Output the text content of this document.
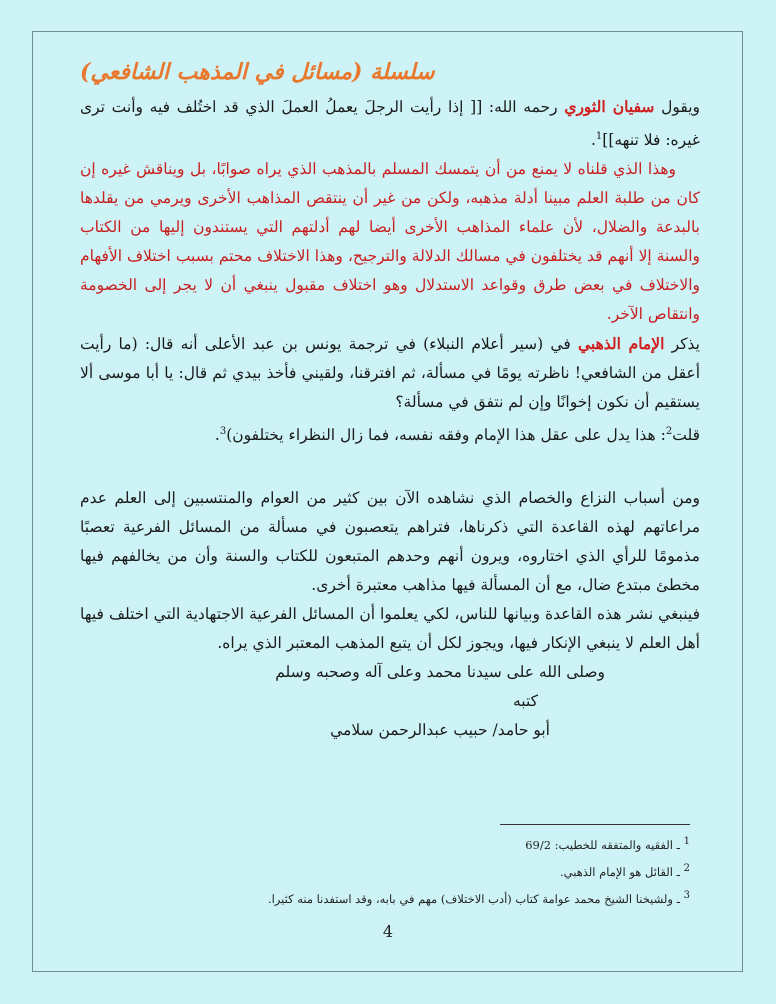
سلسلة (مسائل في المذهب الشافعي)

ويقول سفيان الثوري رحمه الله: [[ إذا رأيت الرجلَ يعملُ العملَ الذي قد اختُلف فيه وأنت ترى غيره: فلا تنهه]]$^1$.

وهذا الذي قلناه لا يمنع من أن يتمسك المسلم بالمذهب الذي يراه صوابًا، بل ويناقش غيره إن كان من طلبة العلم مبينا أدلة مذهبه، ولكن من غير أن ينتقص المذاهب الأخرى ويرمي من يقلدها بالبدعة والضلال، لأن علماء المذاهب الأخرى أيضا لهم أدلتهم التي يستندون إليها من الكتاب والسنة إلا أنهم قد يختلفون في مسالك الدلالة والترجيح، وهذا الاختلاف محتم بسبب اختلاف الأفهام والاختلاف في بعض طرق وقواعد الاستدلال وهو اختلاف مقبول ينبغي أن لا يجر إلى الخصومة وانتقاص الآخر.

يذكر الإمام الذهبي في (سير أعلام النبلاء) في ترجمة يونس بن عبد الأعلى أنه قال: (ما رأيت أعقل من الشافعي! ناظرته يومًا في مسألة، ثم افترقنا، ولقيني فأخذ بيدي ثم قال: يا أبا موسى ألا يستقيم أن نكون إخوانًا وإن لم نتفق في مسألة؟

قلت$^2$: هذا يدل على عقل هذا الإمام وفقه نفسه، فما زال النظراء يختلفون)$^3$.

ومن أسباب النزاع والخصام الذي نشاهده الآن بين كثير من العوام والمنتسبين إلى العلم عدم مراعاتهم لهذه القاعدة التي ذكرناها، فتراهم يتعصبون في مسألة من المسائل الفرعية تعصبًا مذمومًا للرأي الذي اختاروه، ويرون أنهم وحدهم المتبعون للكتاب والسنة وأن من يخالفهم فيها مخطئ مبتدع ضال، مع أن المسألة فيها مذاهب معتبرة أخرى.

فينبغي نشر هذه القاعدة وبيانها للناس، لكي يعلموا أن المسائل الفرعية الاجتهادية التي اختلف فيها أهل العلم لا ينبغي الإنكار فيها، ويجوز لكل أن يتبع المذهب المعتبر الذي يراه.

وصلى الله على سيدنا محمد وعلى آله وصحبه وسلم

كتبه

أبو حامد/ حبيب عبدالرحمن سلامي

$^1$ ـ الفقيه والمتفقه للخطيب: 69/2

$^2$ ـ القائل هو الإمام الذهبي.

$^3$ ـ ولشيخنا الشيخ محمد عوامة كتاب (أدب الاختلاف) مهم في بابه، وقد استفدنا منه كثيرا.

4
